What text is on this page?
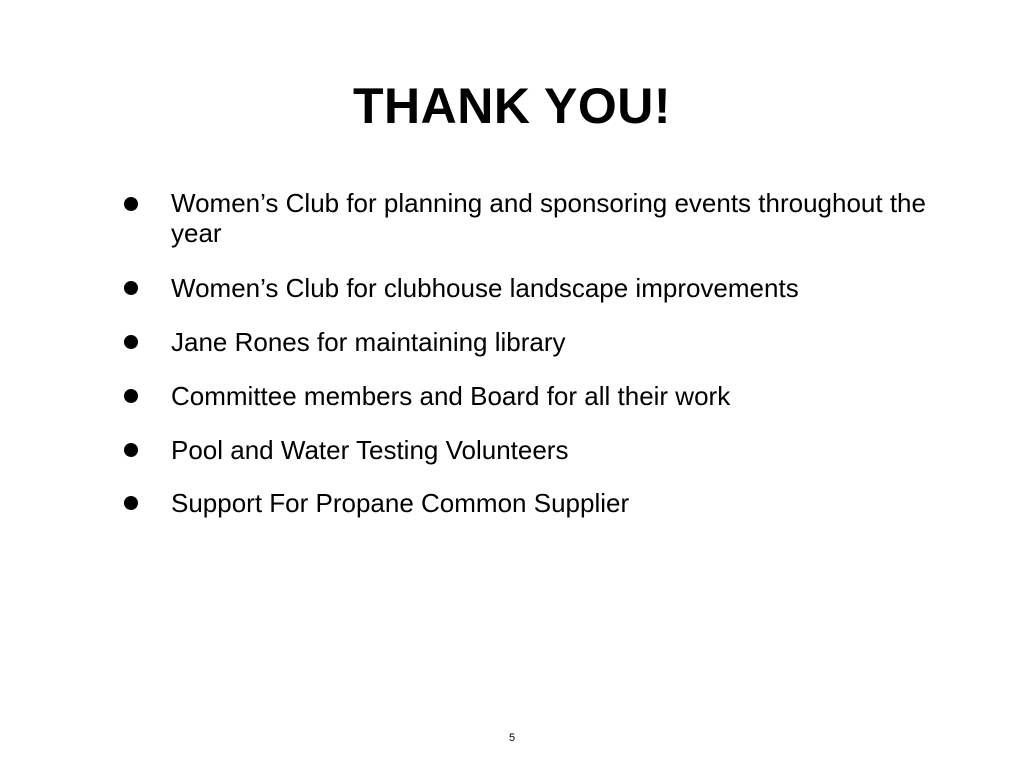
THANK YOU!
Women’s Club for planning and sponsoring events throughout the year
Women’s Club for clubhouse landscape improvements
Jane Rones for maintaining library
Committee members and Board for all their work
Pool and Water Testing Volunteers
Support For Propane Common Supplier
5
